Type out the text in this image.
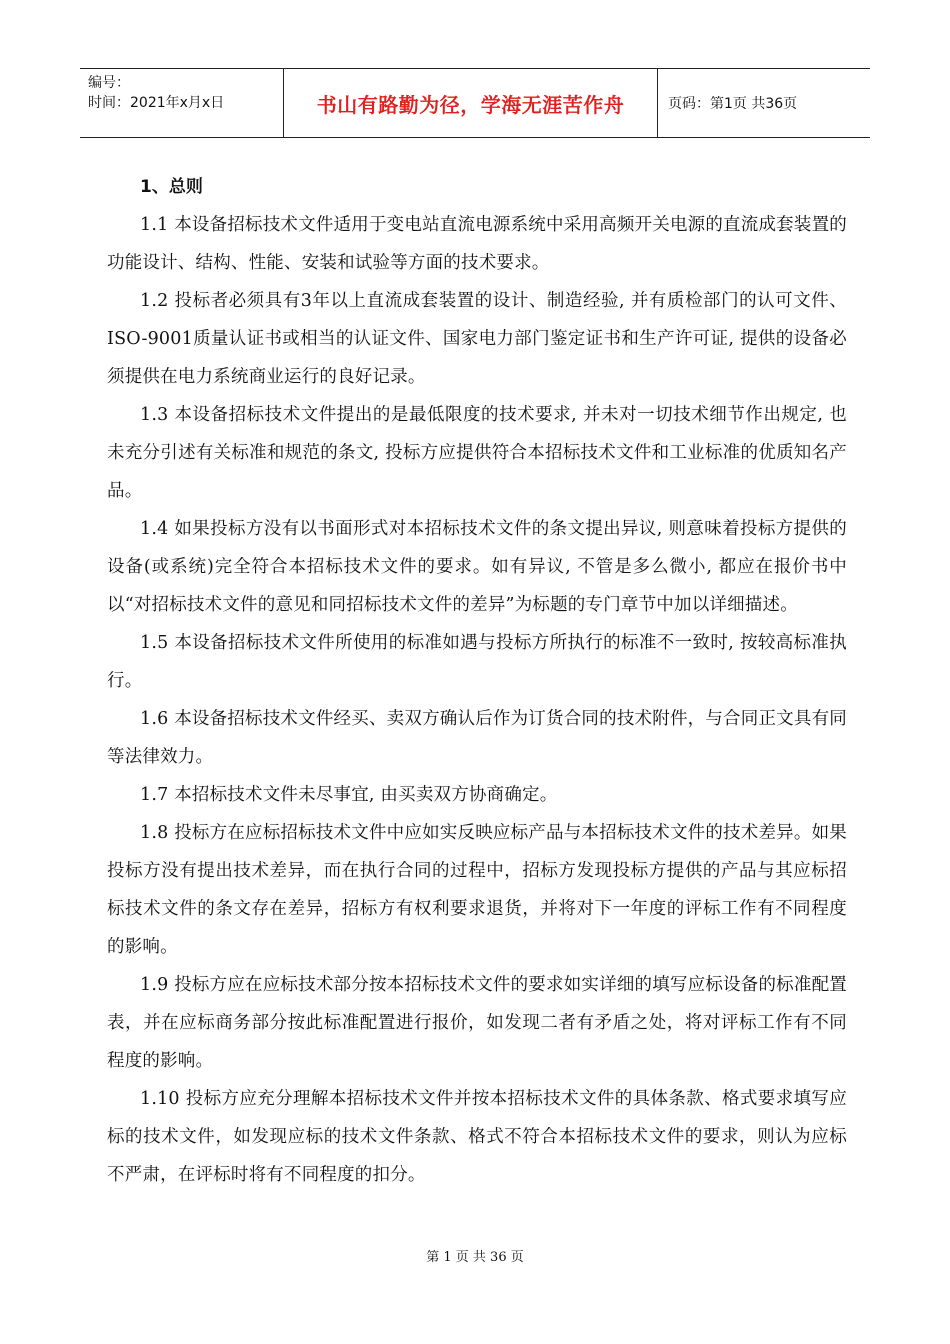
编号：
时间：2021年x月x日	书山有路勤为径，学海无涯苦作舟	页码：第1页 共36页
1、总则

1.1 本设备招标技术文件适用于变电站直流电源系统中采用高频开关电源的直流成套装置的功能设计、结构、性能、安装和试验等方面的技术要求。

1.2 投标者必须具有3年以上直流成套装置的设计、制造经验, 并有质检部门的认可文件、ISO-9001质量认证书或相当的认证文件、国家电力部门鉴定证书和生产许可证, 提供的设备必须提供在电力系统商业运行的良好记录。

1.3 本设备招标技术文件提出的是最低限度的技术要求, 并未对一切技术细节作出规定, 也未充分引述有关标准和规范的条文, 投标方应提供符合本招标技术文件和工业标准的优质知名产品。

1.4 如果投标方没有以书面形式对本招标技术文件的条文提出异议, 则意味着投标方提供的设备(或系统)完全符合本招标技术文件的要求。如有异议, 不管是多么微小, 都应在报价书中以“对招标技术文件的意见和同招标技术文件的差异”为标题的专门章节中加以详细描述。

1.5 本设备招标技术文件所使用的标准如遇与投标方所执行的标准不一致时, 按较高标准执行。

1.6 本设备招标技术文件经买、卖双方确认后作为订货合同的技术附件，与合同正文具有同等法律效力。

1.7 本招标技术文件未尽事宜, 由买卖双方协商确定。

1.8 投标方在应标招标技术文件中应如实反映应标产品与本招标技术文件的技术差异。如果投标方没有提出技术差异，而在执行合同的过程中，招标方发现投标方提供的产品与其应标招标技术文件的条文存在差异，招标方有权利要求退货，并将对下一年度的评标工作有不同程度的影响。

1.9 投标方应在应标技术部分按本招标技术文件的要求如实详细的填写应标设备的标准配置表，并在应标商务部分按此标准配置进行报价，如发现二者有矛盾之处，将对评标工作有不同程度的影响。

1.10 投标方应充分理解本招标技术文件并按本招标技术文件的具体条款、格式要求填写应标的技术文件，如发现应标的技术文件条款、格式不符合本招标技术文件的要求，则认为应标不严肃，在评标时将有不同程度的扣分。

第 1 页 共 36 页
